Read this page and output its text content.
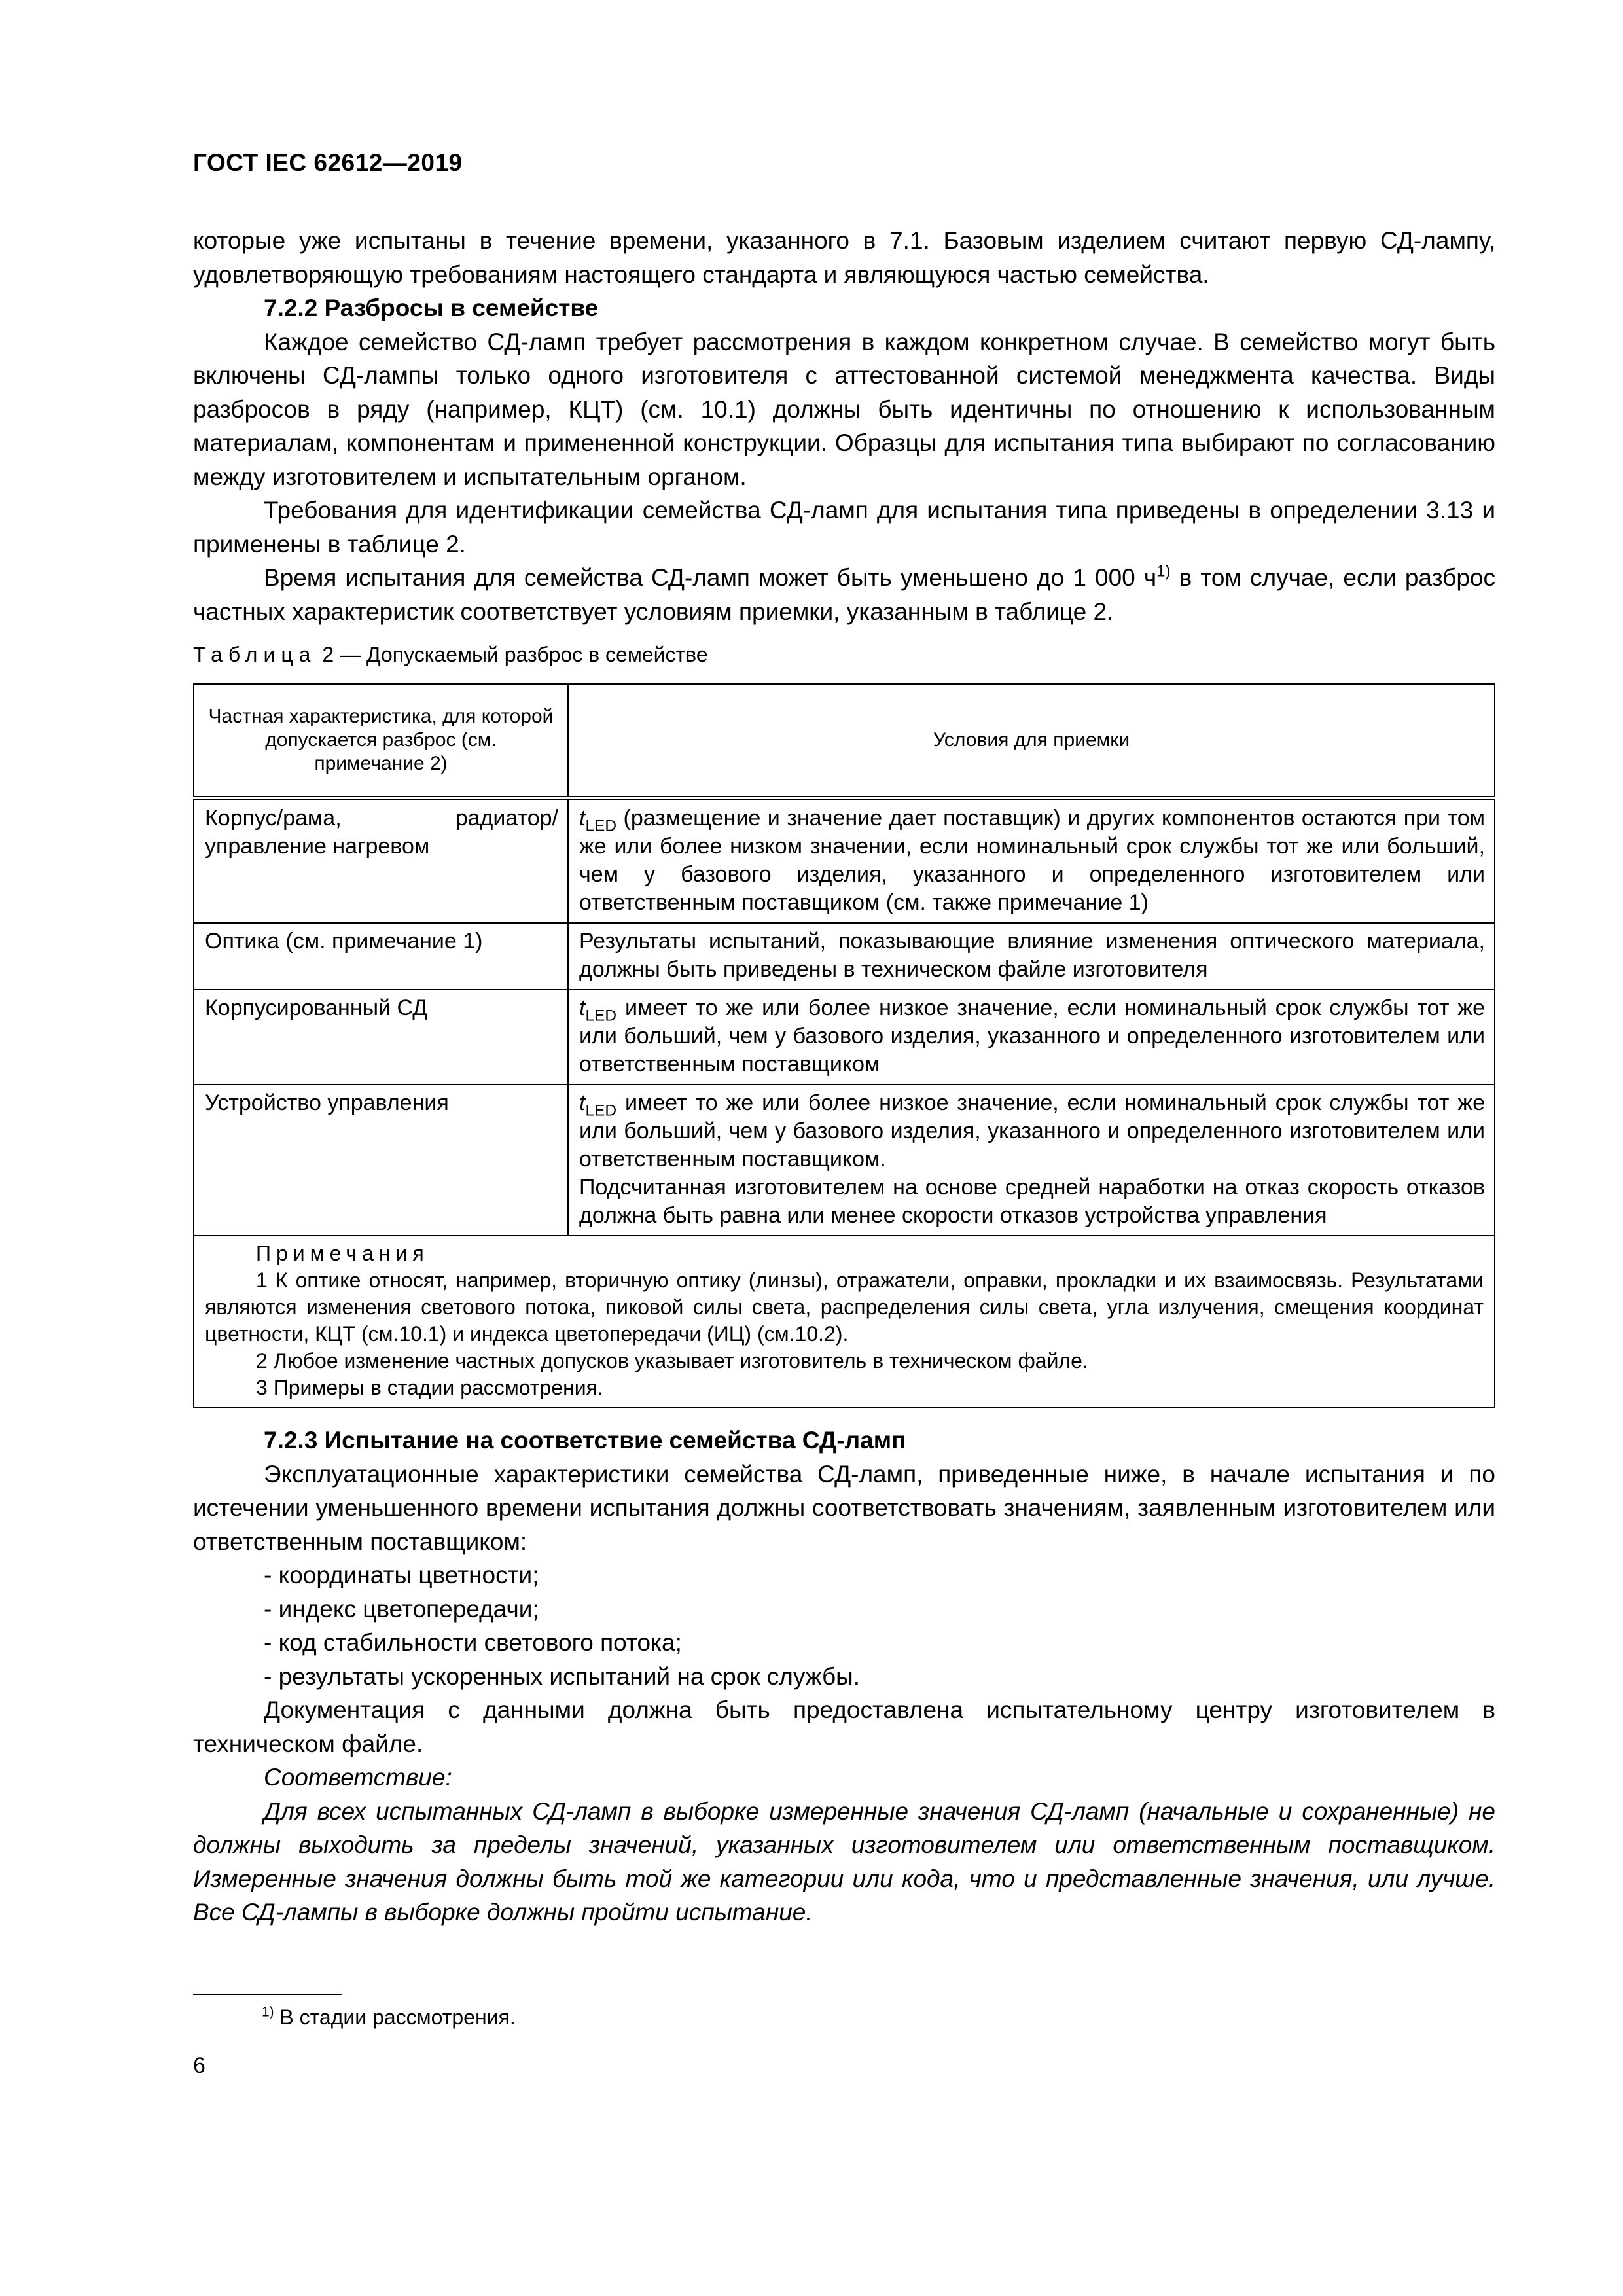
ГОСТ IEC 62612—2019

которые уже испытаны в течение времени, указанного в 7.1. Базовым изделием считают первую СД-лампу, удовлетворяющую требованиям настоящего стандарта и являющуюся частью семейства.

7.2.2 Разбросы в семействе

Каждое семейство СД-ламп требует рассмотрения в каждом конкретном случае. В семейство могут быть включены СД-лампы только одного изготовителя с аттестованной системой менеджмента качества. Виды разбросов в ряду (например, КЦТ) (см. 10.1) должны быть идентичны по отношению к использованным материалам, компонентам и примененной конструкции. Образцы для испытания типа выбирают по согласованию между изготовителем и испытательным органом.

Требования для идентификации семейства СД-ламп для испытания типа приведены в определении 3.13 и применены в таблице 2.

Время испытания для семейства СД-ламп может быть уменьшено до 1 000 $ч^{1)}$ в том случае, если разброс частных характеристик соответствует условиям приемки, указанным в таблице 2.

Таблица 2 — Допускаемый разброс в семействе
Частная характеристика, для которой допускается разброс (см. примечание 2)	Условия для приемки
Корпус/рама, радиатор/управление нагревом	$t_{LED}$ (размещение и значение дает поставщик) и других компонентов остаются при том же или более низком значении, если номинальный срок службы тот же или больший, чем у базового изделия, указанного и определенного изготовителем или ответственным поставщиком (см. также примечание 1)
Оптика (см. примечание 1)	Результаты испытаний, показывающие влияние изменения оптического материала, должны быть приведены в техническом файле изготовителя
Корпусированный СД	$t_{LED}$ имеет то же или более низкое значение, если номинальный срок службы тот же или больший, чем у базового изделия, указанного и определенного изготовителем или ответственным поставщиком
Устройство управления	$t_{LED}$ имеет то же или более низкое значение, если номинальный срок службы тот же или больший, чем у базового изделия, указанного и определенного изготовителем или ответственным поставщиком.
Подсчитанная изготовителем на основе средней наработки на отказ скорость отказов должна быть равна или менее скорости отказов устройства управления

Примечания

1 К оптике относят, например, вторичную оптику (линзы), отражатели, оправки, прокладки и их взаимосвязь. Результатами являются изменения светового потока, пиковой силы света, распределения силы света, угла излучения, смещения координат цветности, КЦТ (см.10.1) и индекса цветопередачи (ИЦ) (см.10.2).

2 Любое изменение частных допусков указывает изготовитель в техническом файле.

3 Примеры в стадии рассмотрения.	

7.2.3 Испытание на соответствие семейства СД-ламп

Эксплуатационные характеристики семейства СД-ламп, приведенные ниже, в начале испытания и по истечении уменьшенного времени испытания должны соответствовать значениям, заявленным изготовителем или ответственным поставщиком:

- координаты цветности;

- индекс цветопередачи;

- код стабильности светового потока;

- результаты ускоренных испытаний на срок службы.

Документация с данными должна быть предоставлена испытательному центру изготовителем в техническом файле.

Соответствие:

Для всех испытанных СД-ламп в выборке измеренные значения СД-ламп (начальные и сохраненные) не должны выходить за пределы значений, указанных изготовителем или ответственным поставщиком. Измеренные значения должны быть той же категории или кода, что и представленные значения, или лучше. Все СД-лампы в выборке должны пройти испытание.

$^{1)}$ В стадии рассмотрения.
6
